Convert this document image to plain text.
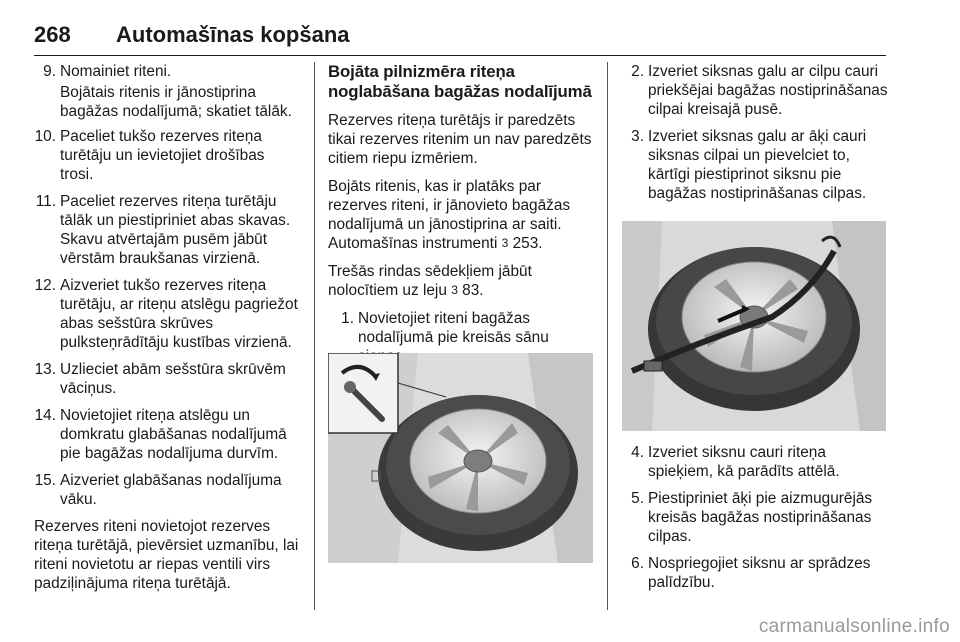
268 Automašīnas kopšana
9. Nomainiet riteni.
Bojātais ritenis ir jānostiprina bagāžas nodalījumā; skatiet tālāk.
10. Paceliet tukšo rezerves riteņa turētāju un ievietojiet drošības trosi.
11. Paceliet rezerves riteņa turētāju tālāk un piestipriniet abas skavas. Skavu atvērtajām pusēm jābūt vērstām braukšanas virzienā.
12. Aizveriet tukšo rezerves riteņa turētāju, ar riteņu atslēgu pagriežot abas sešstūra skrūves pulksteņrādītāju kustības virzienā.
13. Uzlieciet abām sešstūra skrūvēm vāciņus.
14. Novietojiet riteņa atslēgu un domkratu glabāšanas nodalījumā pie bagāžas nodalījuma durvīm.
15. Aizveriet glabāšanas nodalījuma vāku.

Rezerves riteni novietojot rezerves riteņa turētājā, pievērsiet uzmanību, lai riteni novietotu ar riepas ventili virs padziļinājuma riteņa turētājā.

Bojāta pilnizmēra riteņa noglabāšana bagāžas nodalījumā

Rezerves riteņa turētājs ir paredzēts tikai rezerves ritenim un nav paredzēts citiem riepu izmēriem.

Bojāts ritenis, kas ir platāks par rezerves riteni, ir jānovieto bagāžas nodalījumā un jānostiprina ar saiti. Automašīnas instrumenti 3 253.

Trešās rindas sēdekļiem jābūt nolocītiem uz leju 3 83.

1. Novietojiet riteni bagāžas nodalījumā pie kreisās sānu
2. Izveriet siksnas galu ar cilpu cauri priekšējai bagāžas nostiprināšanas cilpai kreisajā pusē.
3. Izveriet siksnas galu ar āķi cauri siksnas cilpai un pievelciet to, kārtīgi piestiprinot siksnu pie bagāžas nostiprināšanas cilpas.
4. Izveriet siksnu cauri riteņa spieķiem, kā parādīts attēlā.
5. Piestipriniet āķi pie aizmugurējās kreisās bagāžas nostiprināšanas cilpas.
6. Nospriegojiet siksnu ar sprādzes palīdzību.
carmanualsonline.info
